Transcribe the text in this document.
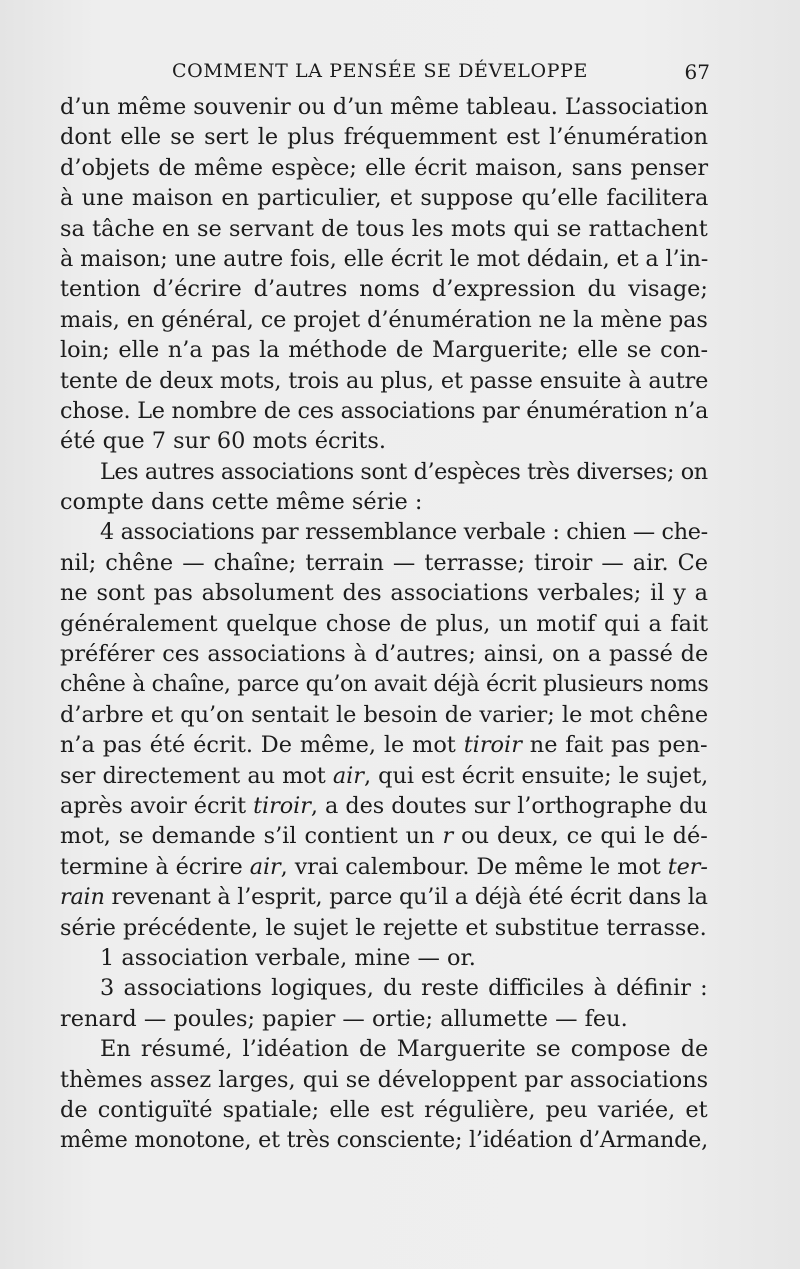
COMMENT LA PENSÉE SE DÉVELOPPE	67
d’un même souvenir ou d’un même tableau. L’association
dont elle se sert le plus fréquemment est l’énumération
d’objets de même espèce; elle écrit maison, sans penser
à une maison en particulier, et suppose qu’elle facilitera
sa tâche en se servant de tous les mots qui se rattachent
à maison; une autre fois, elle écrit le mot dédain, et a l’in-
tention d’écrire d’autres noms d’expression du visage;
mais, en général, ce projet d’énumération ne la mène pas
loin; elle n’a pas la méthode de Marguerite; elle se con-
tente de deux mots, trois au plus, et passe ensuite à autre
chose. Le nombre de ces associations par énumération n’a
été que 7 sur 60 mots écrits.
Les autres associations sont d’espèces très diverses; on
compte dans cette même série :
4 associations par ressemblance verbale : chien — che-
nil; chêne — chaîne; terrain — terrasse; tiroir — air. Ce
ne sont pas absolument des associations verbales; il y a
généralement quelque chose de plus, un motif qui a fait
préférer ces associations à d’autres; ainsi, on a passé de
chêne à chaîne, parce qu’on avait déjà écrit plusieurs noms
d’arbre et qu’on sentait le besoin de varier; le mot chêne
n’a pas été écrit. De même, le mot tiroir ne fait pas pen-
ser directement au mot air, qui est écrit ensuite; le sujet,
après avoir écrit tiroir, a des doutes sur l’orthographe du
mot, se demande s’il contient un r ou deux, ce qui le dé-
termine à écrire air, vrai calembour. De même le mot ter-
rain revenant à l’esprit, parce qu’il a déjà été écrit dans la
série précédente, le sujet le rejette et substitue terrasse.
1 association verbale, mine — or.
3 associations logiques, du reste difficiles à définir :
renard — poules; papier — ortie; allumette — feu.
En résumé, l’idéation de Marguerite se compose de
thèmes assez larges, qui se développent par associations
de contiguïté spatiale; elle est régulière, peu variée, et
même monotone, et très consciente; l’idéation d’Armande,
